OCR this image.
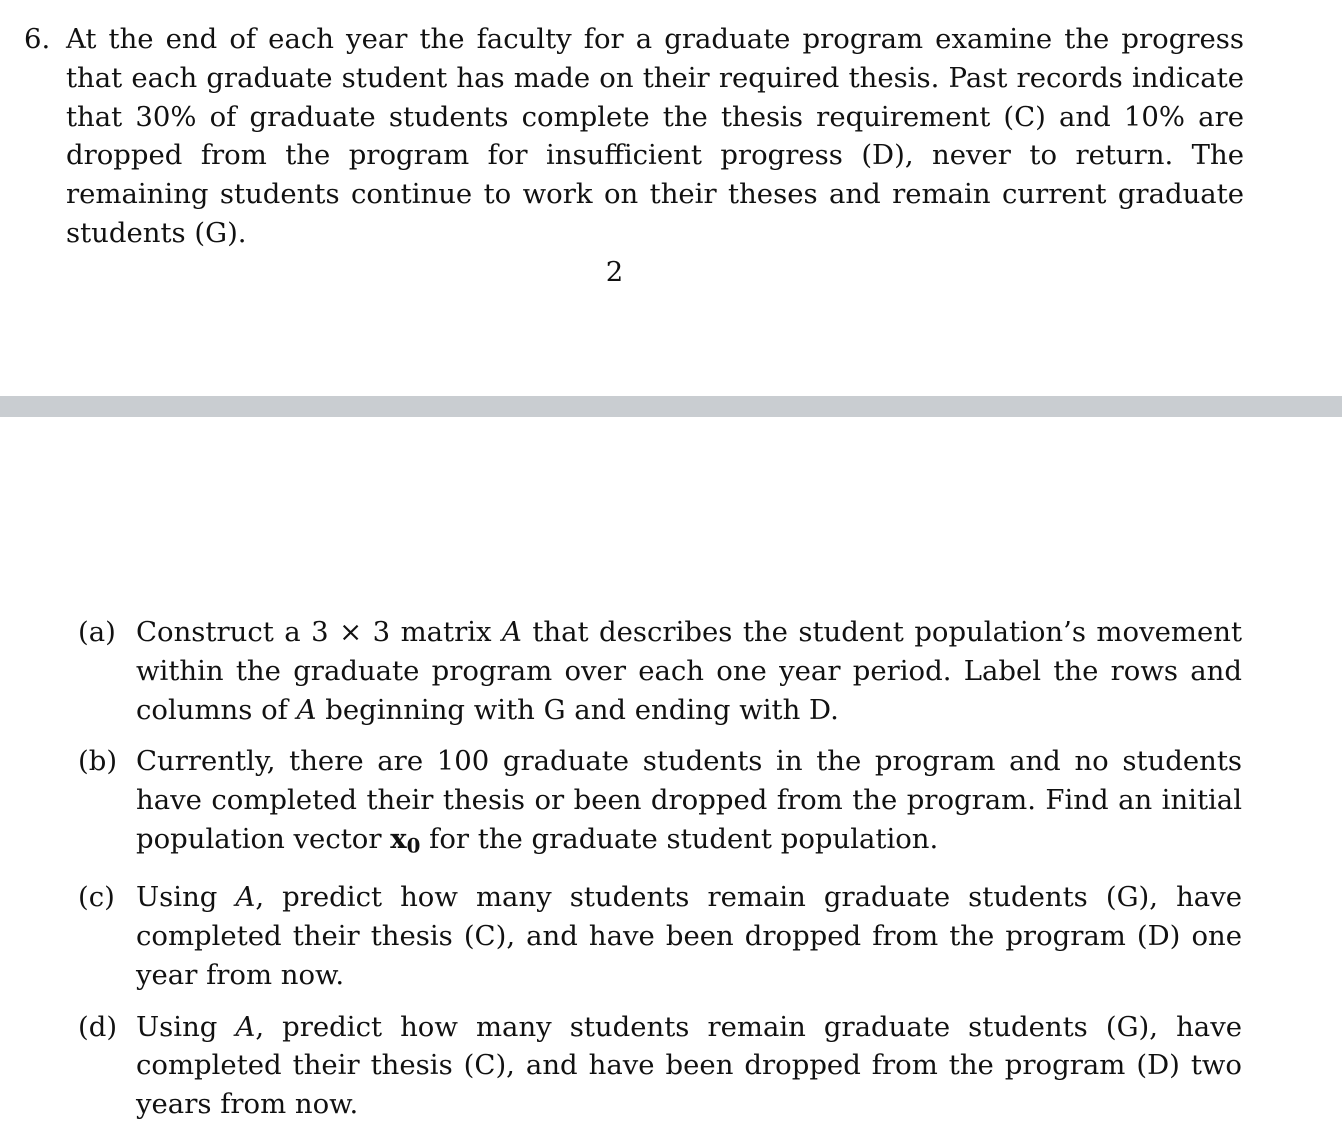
6. At the end of each year the faculty for a graduate program examine the progress that each graduate student has made on their required thesis. Past records indicate that 30% of graduate students complete the thesis requirement (C) and 10% are dropped from the program for insufficient progress (D), never to return. The remaining students continue to work on their theses and remain current graduate students (G).
2
(a) Construct a 3 × 3 matrix A that describes the student population’s movement within the graduate program over each one year period. Label the rows and columns of A beginning with G and ending with D.
(b) Currently, there are 100 graduate students in the program and no students have completed their thesis or been dropped from the program. Find an initial population vector $x_0$ for the graduate student population.
(c) Using A, predict how many students remain graduate students (G), have completed their thesis (C), and have been dropped from the program (D) one year from now.
(d) Using A, predict how many students remain graduate students (G), have completed their thesis (C), and have been dropped from the program (D) two years from now.
